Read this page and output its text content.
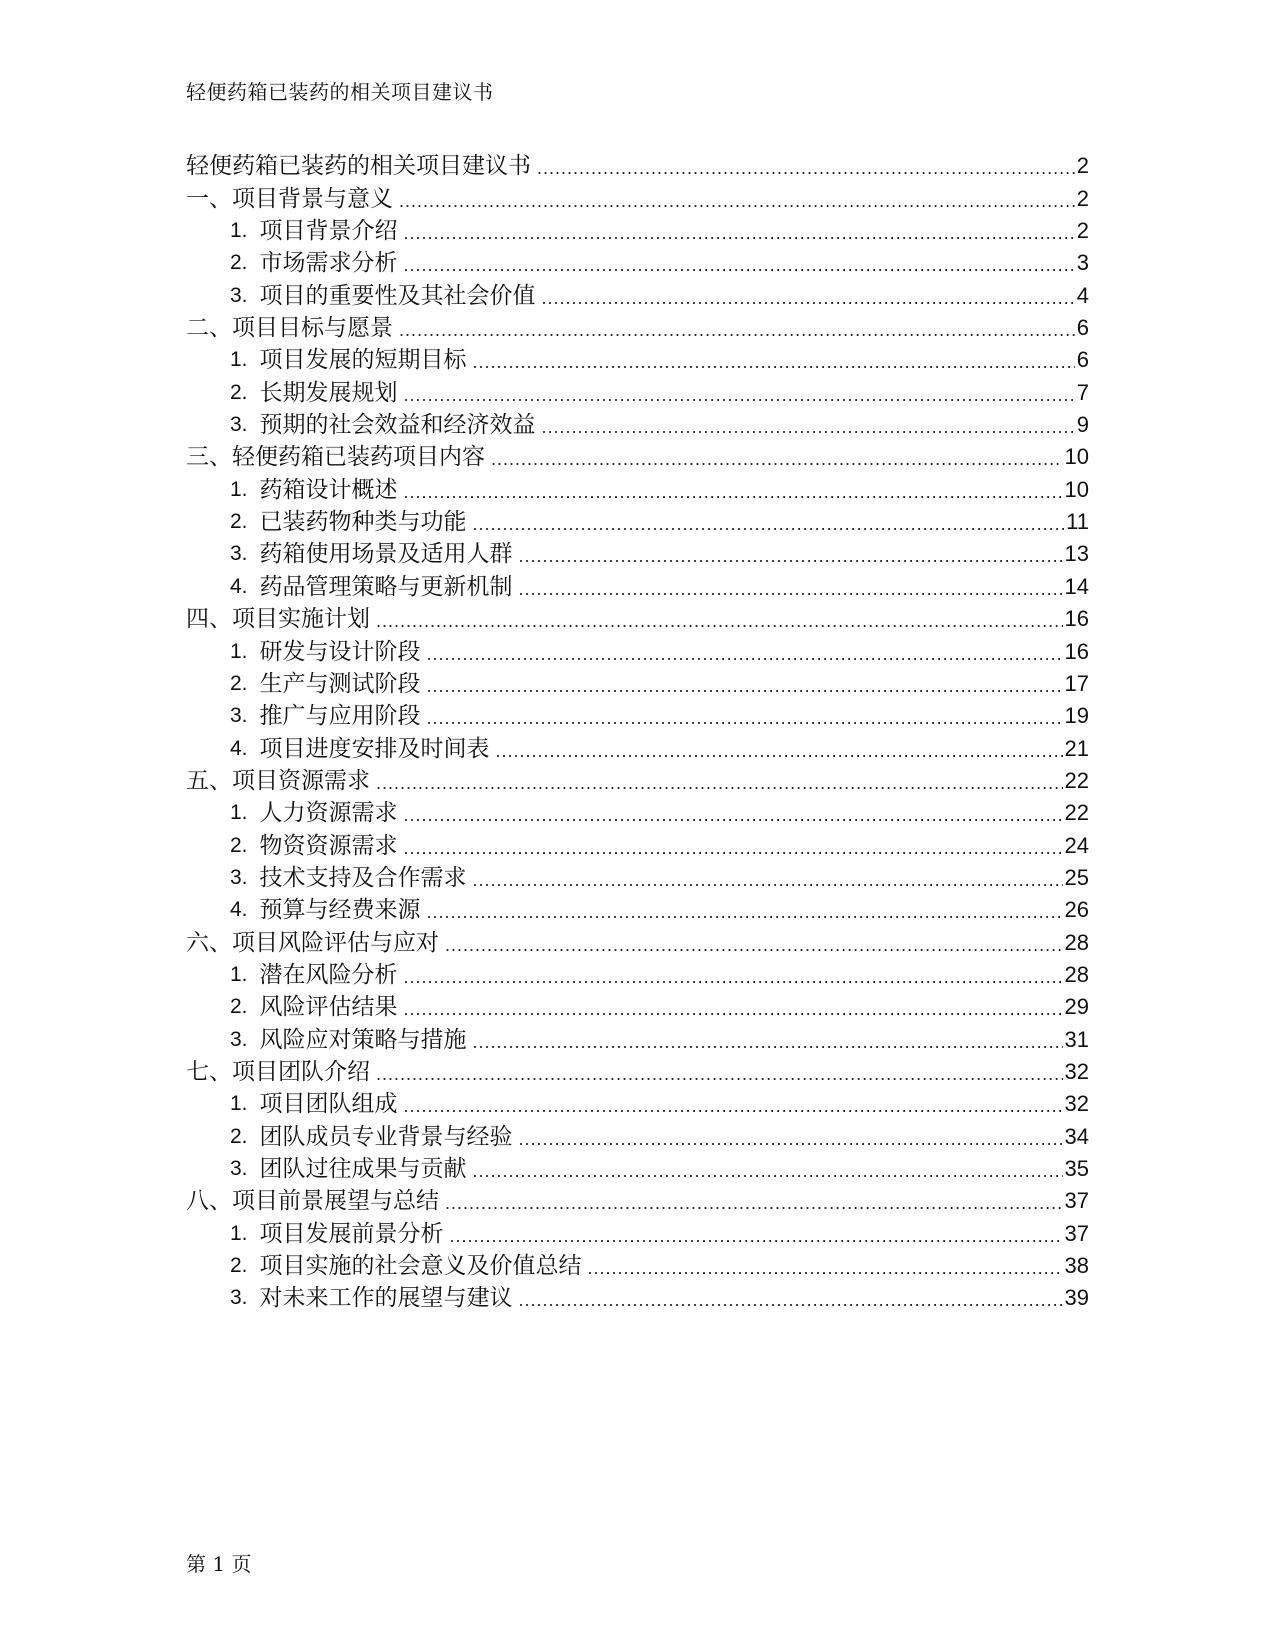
轻便药箱已装药的相关项目建议书
轻便药箱已装药的相关项目建议书 .....	2
一、项目背景与意义 .....	2
1. 项目背景介绍 .....	2
2. 市场需求分析 .....	3
3. 项目的重要性及其社会价值 .....	4
二、项目目标与愿景 .....	6
1. 项目发展的短期目标 .....	6
2. 长期发展规划 .....	7
3. 预期的社会效益和经济效益 .....	9
三、轻便药箱已装药项目内容 .....	10
1. 药箱设计概述 .....	10
2. 已装药物种类与功能 .....	11
3. 药箱使用场景及适用人群 .....	13
4. 药品管理策略与更新机制 .....	14
四、项目实施计划 .....	16
1. 研发与设计阶段 .....	16
2. 生产与测试阶段 .....	17
3. 推广与应用阶段 .....	19
4. 项目进度安排及时间表 .....	21
五、项目资源需求 .....	22
1. 人力资源需求 .....	22
2. 物资资源需求 .....	24
3. 技术支持及合作需求 .....	25
4. 预算与经费来源 .....	26
六、项目风险评估与应对 .....	28
1. 潜在风险分析 .....	28
2. 风险评估结果 .....	29
3. 风险应对策略与措施 .....	31
七、项目团队介绍 .....	32
1. 项目团队组成 .....	32
2. 团队成员专业背景与经验 .....	34
3. 团队过往成果与贡献 .....	35
八、项目前景展望与总结 .....	37
1. 项目发展前景分析 .....	37
2. 项目实施的社会意义及价值总结 .....	38
3. 对未来工作的展望与建议 .....	39
第 1 页
